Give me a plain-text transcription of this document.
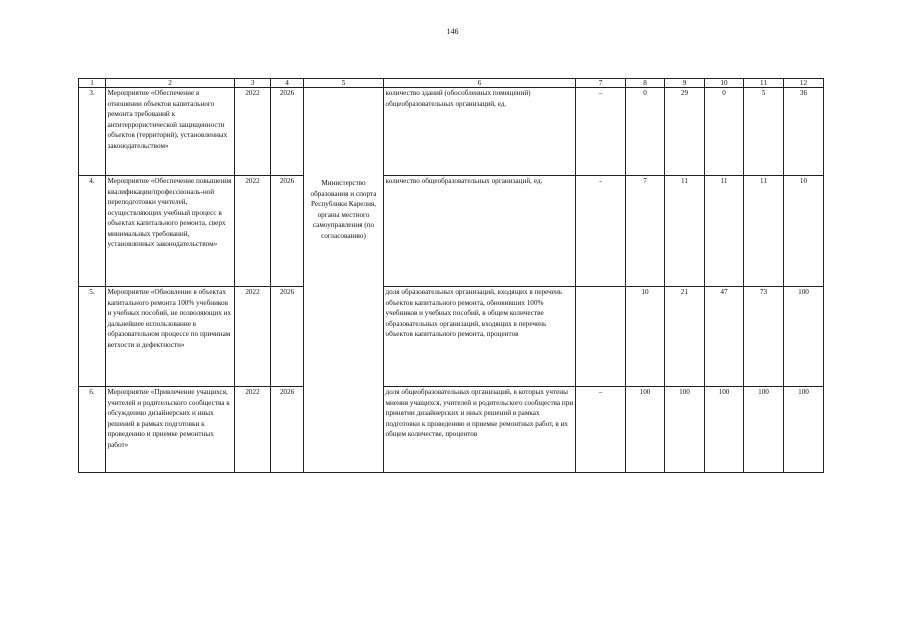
146
1	2	3	4	5	6	7	8	9	10	11	12
3.	Мероприятие «Обеспечение в отношении объектов капитального ремонта требований к антитеррористической защищенности объектов (территорий), установленных законодательством»	2022	2026	Министерство образования и спорта Республики Карелия, органы местного самоуправления (по согласованию)	количество зданий (обособленных помещений) общеобразовательных организаций, ед.	–	0	29	0	5	36
4.	Мероприятие «Обеспечение повышения квалификации/профессиональ-ной переподготовки учителей, осуществляющих учебный процесс в объектах капитального ремонта, сверх минимальных требований, установленных законодательством»	2022	2026		количество общеобразовательных организаций, ед.	-	7	11	11	11	10
5.	Мероприятие «Обновление в объектах капитального ремонта 100% учебников и учебных пособий, не позволяющих их дальнейшее использование в образовательном процессе по причинам ветхости и дефектности»	2022	2026		доля образовательных организаций, входящих в перечень объектов капитального ремонта, обновивших 100% учебников и учебных пособий, в общем количестве образовательных организаций, входящих в перечень объектов капитального ремонта, процентов		10	21	47	73	100
6.	Мероприятие «Привлечение учащихся, учителей и родительского сообщества к обсуждению дизайнерских и иных решений в рамках подготовки к проведению и приемке ремонтных работ»	2022	2026		доля общеобразовательных организаций, в которых учтены мнения учащихся, учителей и родительского сообщества при принятии дизайнерских и иных решений в рамках подготовки к проведению и приемке ремонтных работ, в их общем количестве, процентов	–	100	100	100	100	100
